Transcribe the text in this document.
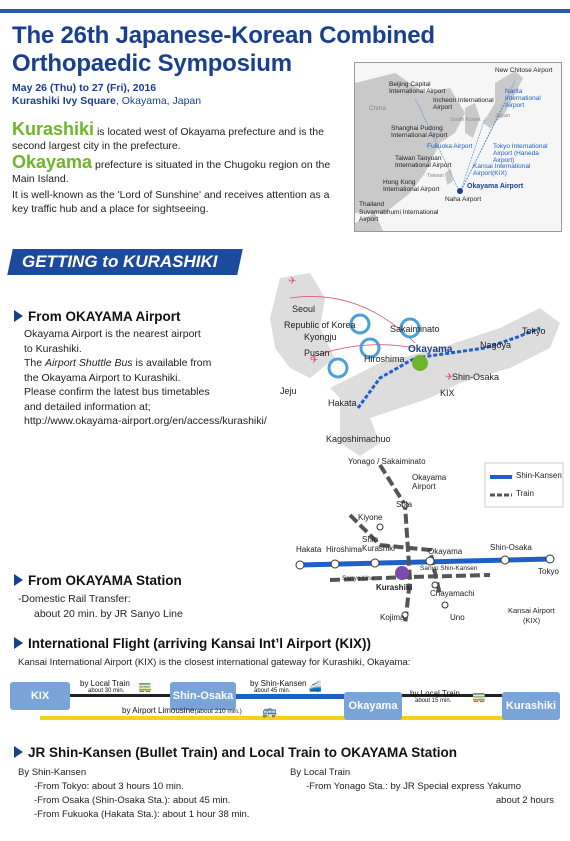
The 26th Japanese-Korean Combined
Orthopaedic Symposium
May 26 (Thu) to 27 (Fri), 2016
Kurashiki Ivy Square, Okayama, Japan

Kurashiki is located west of Okayama prefecture and is the second largest city in the prefecture.

Okayama prefecture is situated in the Chugoku region on the Main Island.

It is well-known as the 'Lord of Sunshine' and receives attention as a key traffic hub and a place for sightseeing.

New Chitose Airport
Beijing Capital International Airport	Narita International Airport
China
Incheon International Airport
South Korea
Japan
Shanghai Pudong International Airport
Fukuoka Airport	Tokyo International Airport (Haneda Airport)
Taiwan Taoyuan International Airport	Kansai International Airport(KIX)
Taiwan
Hong Kong International Airport	Okayama Airport
Naha Airport
Thailand
Suvarnabhumi International Airport
GETTING to KURASHIKI
✈
✈
✈
Seoul
Republic of Korea
Kyongju
Pusan
Jeju
Sakaiminato
Okayama
Hiroshima
Nagoya
Tokyo
Shin-Osaka
KIX
Hakata
Kagoshimachuo
From OKAYAMA Airport
Okayama Airport is the nearest airport
to Kurashiki.
The Airport Shuttle Bus is available from
the Okayama Airport to Kurashiki.
Please confirm the latest bus timetables
and detailed information at;
http://www.okayama-airport.org/en/access/kurashiki/
Yonago / Sakaiminato
Okayama Airport
Shin-Kansen
Train
Soja
Kiyone
Shin Kurashiki
Hakata Hiroshima	Okayama	Shin-Osaka
Tokyo
Sanyo Line
Sanyo Shin-Kansen
Kurashiki
Chayamachi
Kojima	Uno
Kansai Airport
(KIX)
From OKAYAMA Station
-Domestic Rail Transfer:
about 20 min. by JR Sanyo Line
International Flight (arriving Kansai Int’l Airport (KIX))
Kansai International Airport (KIX) is the closest international gateway for Kurashiki, Okayama:
KIX	Shin-Osaka
Okayama	Kurashiki
by Local Train
about 30 min. 🚃	by Shin-Kansen
about 45 min. 🚄
by Local Train
about 15 min. 🚃
by Airport Limousine(about 210 min.) 🚌
JR Shin-Kansen (Bullet Train) and Local Train to OKAYAMA Station
By Shin-Kansen
-From Tokyo: about 3 hours 10 min.
-From Osaka (Shin-Osaka Sta.): about 45 min.
-From Fukuoka (Hakata Sta.): about 1 hour 38 min.
By Local Train
-From Yonago Sta.: by JR Special express Yakumo
about 2 hours
